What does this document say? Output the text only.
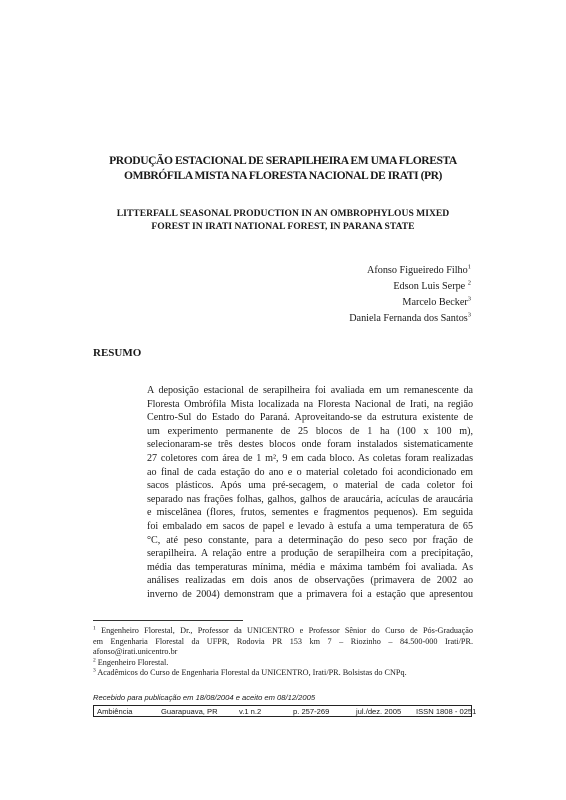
PRODUÇÃO ESTACIONAL DE SERAPILHEIRA EM UMA FLORESTA
OMBRÓFILA MISTA NA FLORESTA NACIONAL DE IRATI (PR)
LITTERFALL SEASONAL PRODUCTION IN AN OMBROPHYLOUS MIXED
FOREST IN IRATI NATIONAL FOREST, IN PARANA STATE
Afonso Figueiredo Filho$^1$
Edson Luis Serpe $^2$
Marcelo Becker$^3$
Daniela Fernanda dos Santos$^3$
RESUMO
A deposição estacional de serapilheira foi avaliada em um remanescente da
Floresta Ombrófila Mista localizada na Floresta Nacional de Irati, na região
Centro-Sul do Estado do Paraná. Aproveitando-se da estrutura existente de
um experimento permanente de 25 blocos de 1 ha (100 x 100 m),
selecionaram-se três destes blocos onde foram instalados sistematicamente
27 coletores com área de 1 m², 9 em cada bloco. As coletas foram realizadas
ao final de cada estação do ano e o material coletado foi acondicionado em
sacos plásticos. Após uma pré-secagem, o material de cada coletor foi
separado nas frações folhas, galhos, galhos de araucária, acículas de araucária
e miscelânea (flores, frutos, sementes e fragmentos pequenos). Em seguida
foi embalado em sacos de papel e levado à estufa a uma temperatura de 65
°C, até peso constante, para a determinação do peso seco por fração de
serapilheira. A relação entre a produção de serapilheira com a precipitação,
média das temperaturas mínima, média e máxima também foi avaliada. As
análises realizadas em dois anos de observações (primavera de 2002 ao
inverno de 2004) demonstram que a primavera foi a estação que apresentou
$^1$ Engenheiro Florestal, Dr., Professor da UNICENTRO e Professor Sênior do Curso de Pós-Graduação
em Engenharia Florestal da UFPR, Rodovia PR 153 km 7 – Riozinho – 84.500-000 Irati/PR.
afonso@irati.unicentro.br
$^2$ Engenheiro Florestal.
$^3$ Acadêmicos do Curso de Engenharia Florestal da UNICENTRO, Irati/PR. Bolsistas do CNPq.
Recebido para publicação em 18/08/2004 e aceito em 08/12/2005
Ambiência	Guarapuava, PR	v.1 n.2	p. 257-269	jul./dez. 2005 ISSN 1808 - 0251
